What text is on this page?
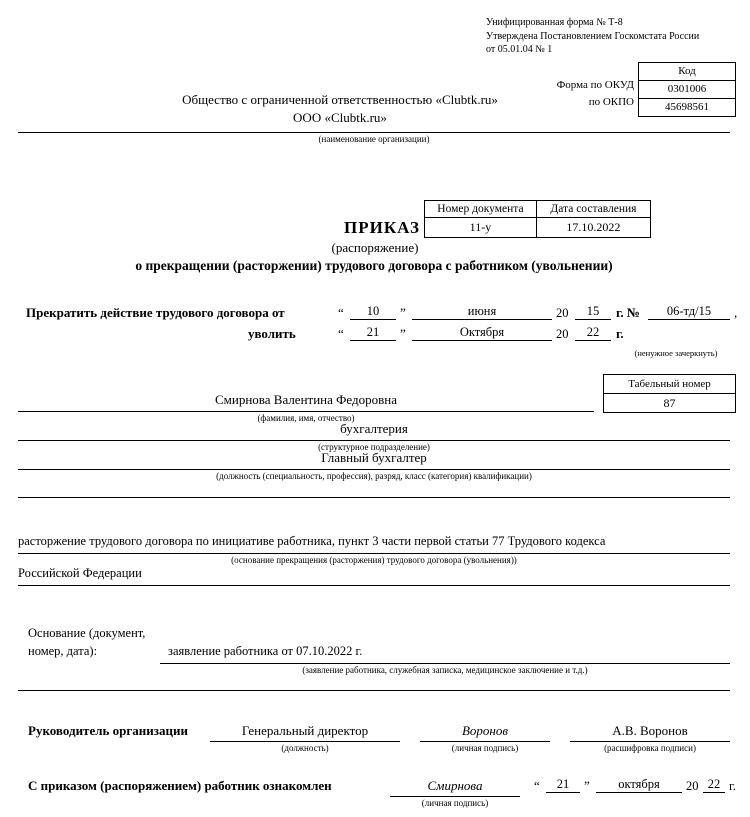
Унифицированная форма № Т-8
Утверждена Постановлением Госкомстата России
от 05.01.04 № 1
Код
0301006
45698561
Форма по ОКУД
по ОКПО
Общество с ограниченной ответственностью «Clubtk.ru»
ООО «Clubtk.ru»
(наименование организации)
Номер документа	Дата составления
11-у	17.10.2022
ПРИКАЗ
(распоряжение)
о прекращении (расторжении) трудового договора с работником (увольнении)
Прекратить действие трудового договора от	“	10	”	июня	20	15	г. №	06-тд/15	,
уволить	“	21	”	Октября	20	22	г.
(ненужное зачеркнуть)
Табельный номер
87
Смирнова Валентина Федоровна
(фамилия, имя, отчество)
бухгалтерия
(структурное подразделение)
Главный бухгалтер
(должность (специальность, профессия), разряд, класс (категория) квалификации)
расторжение трудового договора по инициативе работника, пункт 3 части первой статьи 77 Трудового кодекса
(основание прекращения (расторжения) трудового договора (увольнения))
Российской Федерации
Основание (документ,
номер, дата):	заявление работника от 07.10.2022 г.
(заявление работника, служебная записка, медицинское заключение и т.д.)
Руководитель организации	Генеральный директор
(должность)
Воронов
(личная подпись)
А.В. Воронов
(расшифровка подписи)
С приказом (распоряжением) работник ознакомлен	Смирнова
(личная подпись)
“	21	”	октября	20 22 г.
